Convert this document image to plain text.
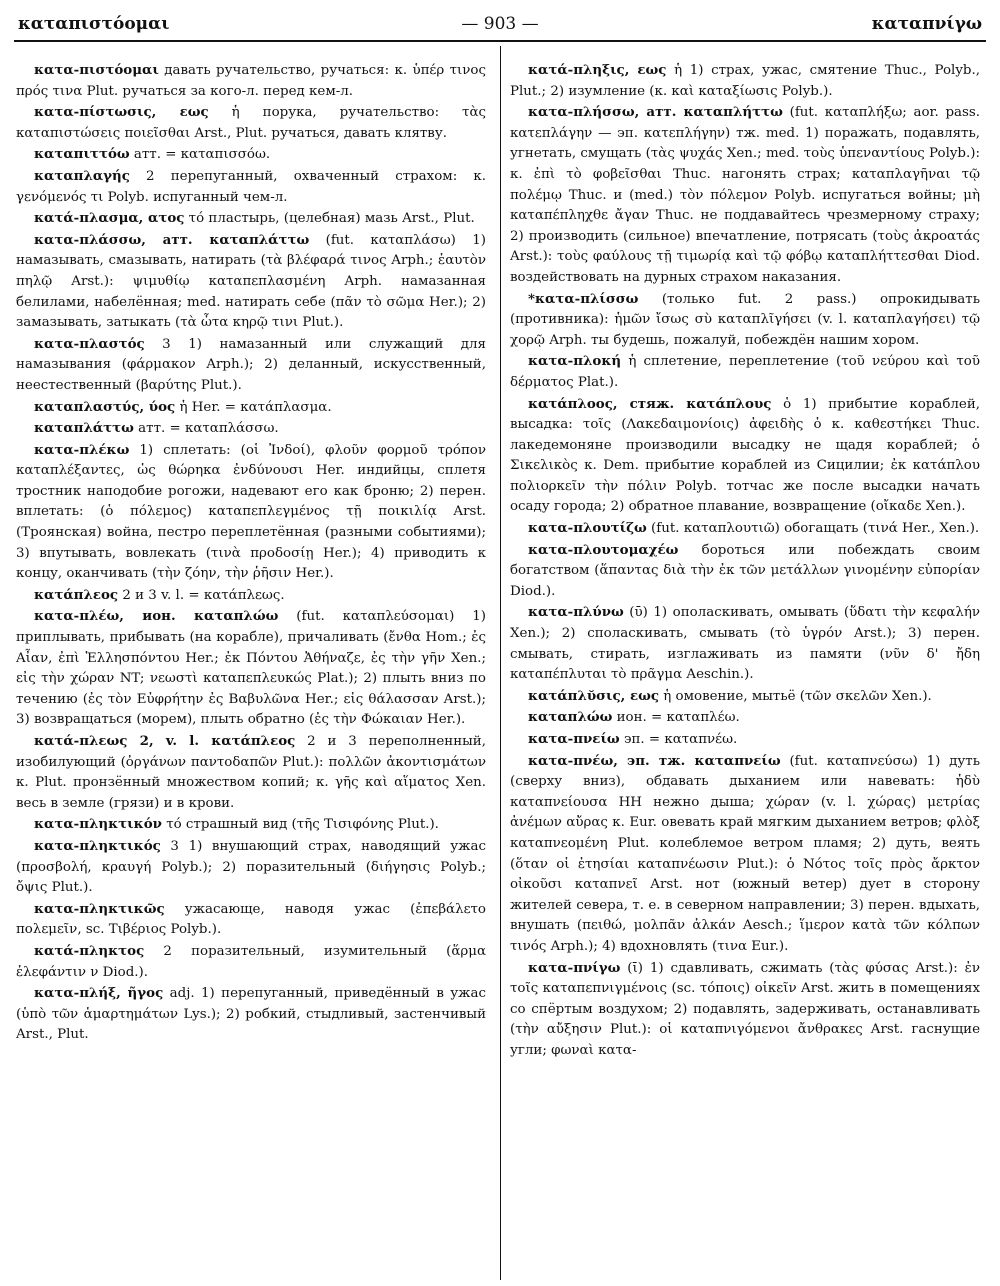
καταπιστόομαι	— 903 —	καταπνίγω

κατα-πιστόομαι давать ручательство, ручаться: κ. ὑπέρ τινος πρός τινα Plut. ручаться за кого-л. перед кем-л.

κατα-πίστωσις, εως ἡ порука, ручательство: τὰς καταπιστώσεις ποιεῖσθαι Arst., Plut. ручаться, давать клятву.

καταπιττόω атт. = καταπισσόω.

καταπλαγής 2 перепуганный, охваченный страхом: κ. γενόμενός τι Polyb. испуганный чем-л.

κατά-πλασμα, ατος τό пластырь, (целебная) мазь Arst., Plut.

κατα-πλάσσω, атт. καταπλάττω (fut. καταπλάσω) 1) намазывать, смазывать, натирать (τὰ βλέφαρά τινος Arph.; ἑαυτὸν πηλῷ Arst.): ψιμυθίῳ καταπεπλασμένη Arph. намазанная белилами, набелённая; med. натирать себе (πᾶν τὸ σῶμα Her.); 2) замазывать, затыкать (τὰ ὦτα κηρῷ τινι Plut.).

κατα-πλαστός 3 1) намазанный или служащий для намазывания (φάρμακον Arph.); 2) деланный, искусственный, неестественный (βαρύτης Plut.).

καταπλαστύς, ύος ἡ Her. = κατάπλασμα.

καταπλάττω атт. = καταπλάσσω.

κατα-πλέκω 1) сплетать: (οἱ Ἰνδοί), φλοῦν φορμοῦ τρόπον καταπλέξαντες, ὡς θώρηκα ἐνδύνουσι Her. индийцы, сплетя тростник наподобие рогожи, надевают его как броню; 2) перен. вплетать: (ὁ πόλεμος) καταπεπλεγμένος τῇ ποικιλίᾳ Arst. (Троянская) война, пестро переплетённая (разными событиями); 3) впутывать, вовлекать (τινὰ προδοσίῃ Her.); 4) приводить к концу, оканчивать (τὴν ζόην, τὴν ῥῆσιν Her.).

κατάπλεος 2 и 3 v. l. = κατάπλεως.

κατα-πλέω, ион. καταπλώω (fut. καταπλεύσομαι) 1) приплывать, прибывать (на корабле), причаливать (ἔνθα Hom.; ἐς Αἶαν, ἐπὶ Ἑλλησπόντου Her.; ἐκ Πόντου Ἀθήναζε, ἐς τὴν γῆν Xen.; εἰς τὴν χώραν NT; νεωστὶ καταπεπλευκώς Plat.); 2) плыть вниз по течению (ἐς τὸν Εὐφρήτην ἐς Βαβυλῶνα Her.; εἰς θάλασσαν Arst.); 3) возвращаться (морем), плыть обратно (ἐς τὴν Φώκαιαν Her.).

κατά-πλεως 2, v. l. κατάπλεος 2 и 3 переполненный, изобилующий (ὀργάνων παντοδαπῶν Plut.): πολλῶν ἀκοντισμάτων κ. Plut. пронзённый множеством копий; κ. γῆς καὶ αἵματος Xen. весь в земле (грязи) и в крови.

κατα-πληκτικόν τό страшный вид (τῆς Τισιφόνης Plut.).

κατα-πληκτικός 3 1) внушающий страх, наводящий ужас (προσβολή, κραυγή Polyb.); 2) поразительный (διήγησις Polyb.; ὄψις Plut.).

κατα-πληκτικῶς ужасающе, наводя ужас (ἐπεβάλετο πολεμεῖν, sc. Τιβέριος Polyb.).

κατά-πληκτος 2 поразительный, изумительный (ἅρμα ἐλεφάντιν ν Diod.).

κατα-πλήξ, ῆγος adj. 1) перепуганный, приведённый в ужас (ὑπὸ τῶν ἁμαρτημάτων Lys.); 2) робкий, стыдливый, застенчивый Arst., Plut.

κατά-πληξις, εως ἡ 1) страх, ужас, смятение Thuc., Polyb., Plut.; 2) изумление (κ. καὶ καταξίωσις Polyb.).

κατα-πλήσσω, атт. καταπλήττω (fut. καταπλήξω; aor. pass. κατεπλάγην — эп. κατεπλήγην) тж. med. 1) поражать, подавлять, угнетать, смущать (τὰς ψυχάς Xen.; med. τοὺς ὑπεναντίους Polyb.): κ. ἐπὶ τὸ φοβεῖσθαι Thuc. нагонять страх; καταπλαγῆναι τῷ πολέμῳ Thuc. и (med.) τὸν πόλεμον Polyb. испугаться войны; μὴ καταπέπληχθε ἄγαν Thuc. не поддавайтесь чрезмерному страху; 2) производить (сильное) впечатление, потрясать (τοὺς ἀκροατάς Arst.): τοὺς φαύλους τῇ τιμωρίᾳ καὶ τῷ φόβῳ καταπλήττεσθαι Diod. воздействовать на дурных страхом наказания.

*κατα-πλίσσω (только fut. 2 pass.) опрокидывать (противника): ἡμῶν ἴσως σὺ καταπλῖγήσει (v. l. καταπλαγήσει) τῷ χορῷ Arph. ты будешь, пожалуй, побеждён нашим хором.

κατα-πλοκή ἡ сплетение, переплетение (τοῦ νεύρου καὶ τοῦ δέρματος Plat.).

κατάπλοος, стяж. κατάπλους ὁ 1) прибытие кораблей, высадка: τοῖς (Λακεδαιμονίοις) ἀφειδὴς ὁ κ. καθεστήκει Thuc. лакедемоняне производили высадку не щадя кораблей; ὁ Σικελικὸς κ. Dem. прибытие кораблей из Сицилии; ἐκ κατάπλου πολιορκεῖν τὴν πόλιν Polyb. тотчас же после высадки начать осаду города; 2) обратное плавание, возвращение (οἴκαδε Xen.).

κατα-πλουτίζω (fut. καταπλουτιῶ) обогащать (τινά Her., Xen.).

κατα-πλουτομαχέω бороться или побеждать своим богатством (ἅπαντας διὰ τὴν ἐκ τῶν μετάλλων γινομένην εὐπορίαν Diod.).

κατα-πλύνω (ῡ) 1) ополаскивать, омывать (ὕδατι τὴν κεφαλήν Xen.); 2) споласкивать, смывать (τὸ ὑγρόν Arst.); 3) перен. смывать, стирать, изглаживать из памяти (νῦν δ' ἤδη καταπέπλυται τὸ πρᾶγμα Aeschin.).

κατάπλῠσις, εως ἡ омовение, мытьё (τῶν σκελῶν Xen.).

καταπλώω ион. = καταπλέω.

κατα-πνείω эп. = καταπνέω.

κατα-πνέω, эп. тж. καταπνείω (fut. καταπνεύσω) 1) дуть (сверху вниз), обдавать дыханием или навевать: ἡδὺ καταπνείουσα HH нежно дыша; χώραν (v. l. χώρας) μετρίας ἀνέμων αὔρας κ. Eur. овевать край мягким дыханием ветров; φλὸξ καταπνεομένη Plut. колеблемое ветром пламя; 2) дуть, веять (ὅταν οἱ ἐτησίαι καταπνέωσιν Plut.): ὁ Νότος τοῖς πρὸς ἄρκτον οἰκοῦσι καταπνεῖ Arst. нот (южный ветер) дует в сторону жителей севера, т. е. в северном направлении; 3) перен. вдыхать, внушать (πειθώ, μολπᾶν ἀλκάν Aesch.; ἵμερον κατὰ τῶν κόλπων τινός Arph.); 4) вдохновлять (τινα Eur.).

κατα-πνίγω (ῑ) 1) сдавливать, сжимать (τὰς φύσας Arst.): ἐν τοῖς καταπεπνιγμένοις (sc. τόποις) οἰκεῖν Arst. жить в помещениях со спёртым воздухом; 2) подавлять, задерживать, останавливать (τὴν αὔξησιν Plut.): οἱ καταπνιγόμενοι ἄνθρακες Arst. гаснущие угли; φωναὶ κατα-
